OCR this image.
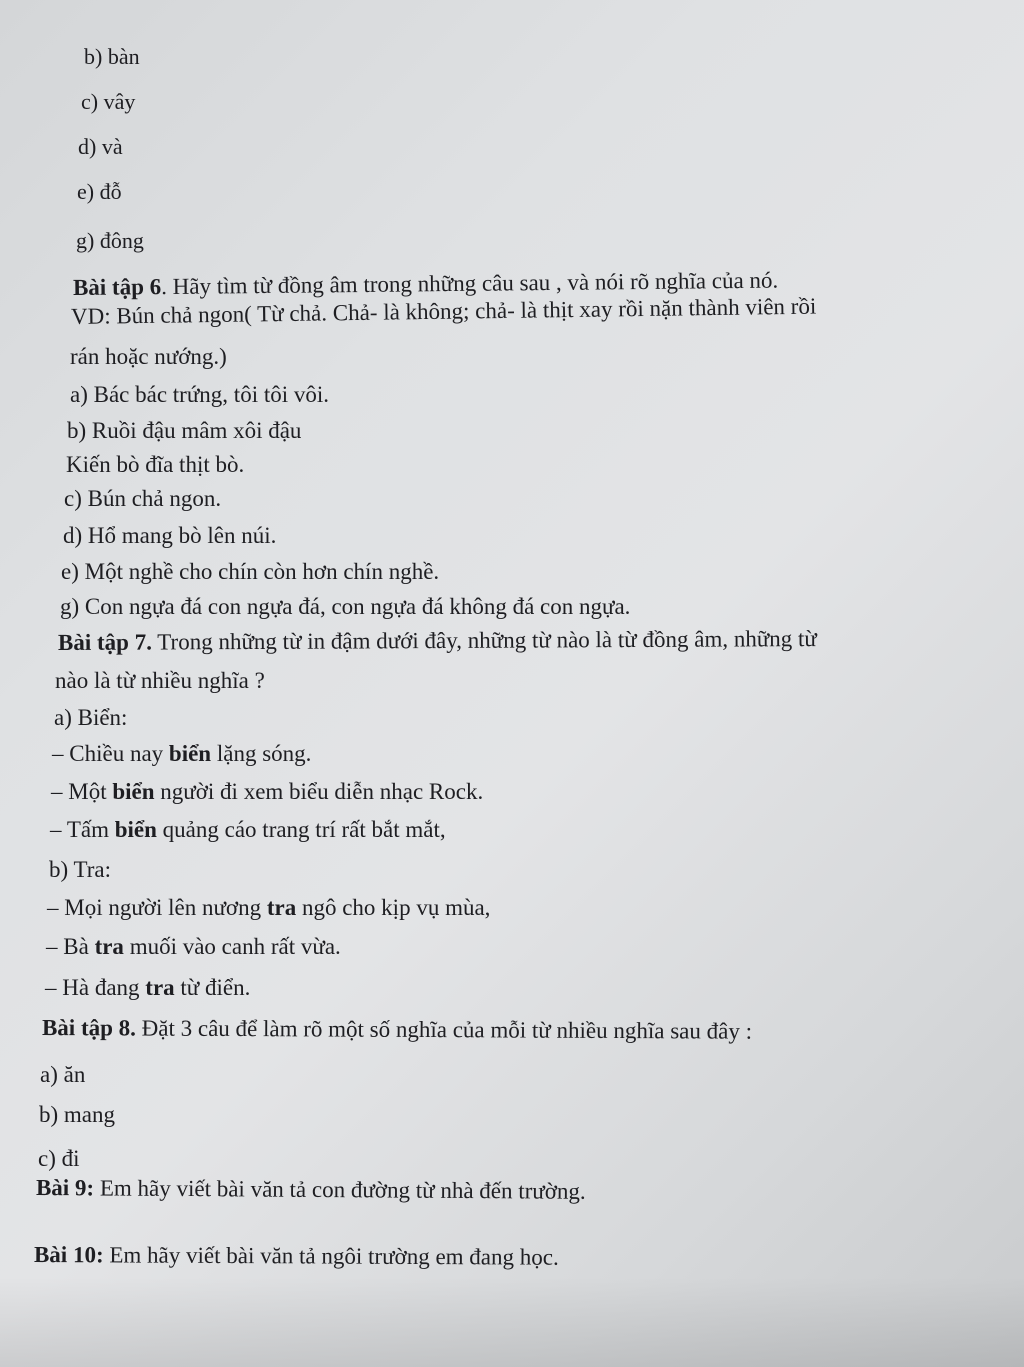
b) bàn
c) vây
d) và
e) đỗ
g) đông
Bài tập 6. Hãy tìm từ đồng âm trong những câu sau , và nói rõ nghĩa của nó.
VD: Bún chả ngon( Từ chả. Chả- là không; chả- là thịt xay rồi nặn thành viên rồi
rán hoặc nướng.)
a) Bác bác trứng, tôi tôi vôi.
b) Ruồi đậu mâm xôi đậu
Kiến bò đĩa thịt bò.
c) Bún chả ngon.
d) Hổ mang bò lên núi.
e) Một nghề cho chín còn hơn chín nghề.
g) Con ngựa đá con ngựa đá, con ngựa đá không đá con ngựa.
Bài tập 7. Trong những từ in đậm dưới đây, những từ nào là từ đồng âm, những từ
nào là từ nhiều nghĩa ?
a) Biển:
– Chiều nay biển lặng sóng.
– Một biển người đi xem biểu diễn nhạc Rock.
– Tấm biển quảng cáo trang trí rất bắt mắt,
b) Tra:
– Mọi người lên nương tra ngô cho kịp vụ mùa,
– Bà tra muối vào canh rất vừa.
– Hà đang tra từ điển.
Bài tập 8. Đặt 3 câu để làm rõ một số nghĩa của mỗi từ nhiều nghĩa sau đây :
a) ăn
b) mang
c) đi
Bài 9: Em hãy viết bài văn tả con đường từ nhà đến trường.
Bài 10: Em hãy viết bài văn tả ngôi trường em đang học.
